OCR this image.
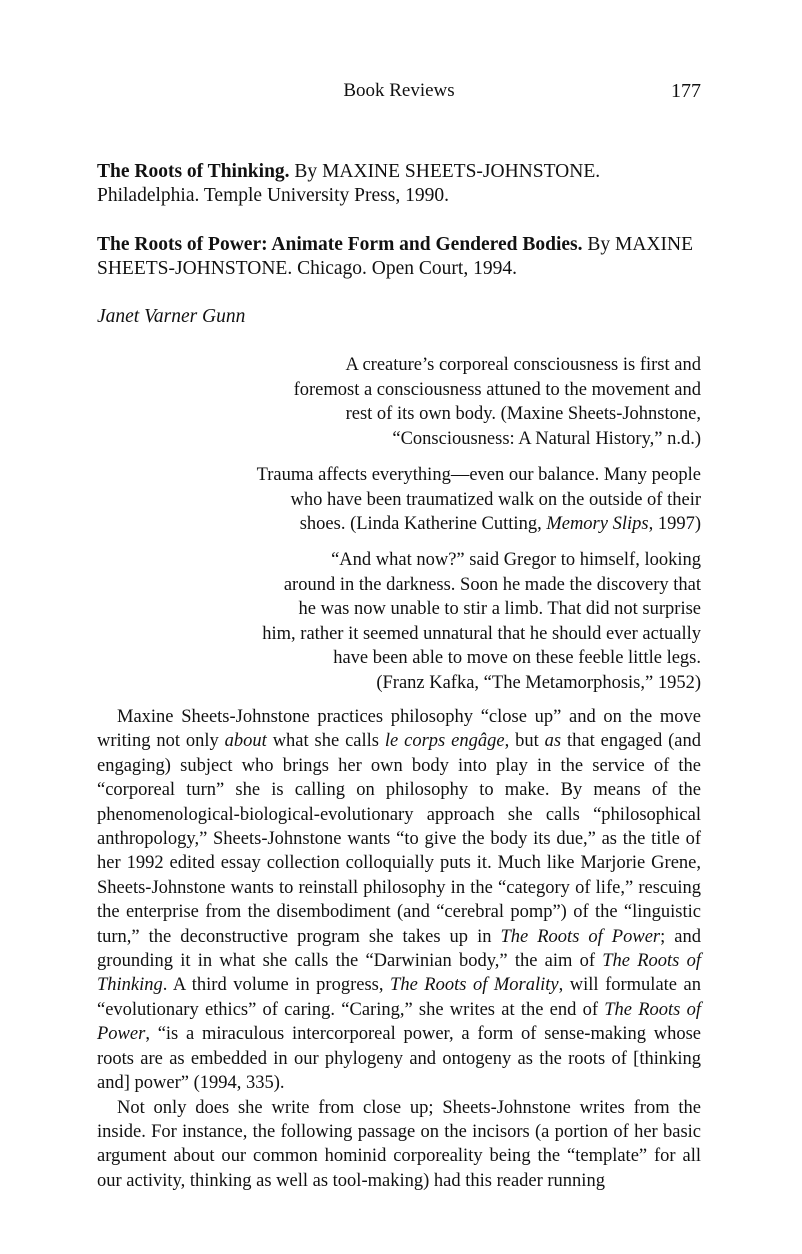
Book Reviews	177
The Roots of Thinking. By MAXINE SHEETS-JOHNSTONE. Philadelphia. Temple University Press, 1990.
The Roots of Power: Animate Form and Gendered Bodies. By MAXINE SHEETS-JOHNSTONE. Chicago. Open Court, 1994.
Janet Varner Gunn
A creature’s corporeal consciousness is first and
foremost a consciousness attuned to the movement and
rest of its own body. (Maxine Sheets-Johnstone,
“Consciousness: A Natural History,” n.d.)
Trauma affects everything—even our balance. Many people
who have been traumatized walk on the outside of their
shoes. (Linda Katherine Cutting, Memory Slips, 1997)
“And what now?” said Gregor to himself, looking
around in the darkness. Soon he made the discovery that
he was now unable to stir a limb. That did not surprise
him, rather it seemed unnatural that he should ever actually
have been able to move on these feeble little legs.
(Franz Kafka, “The Metamorphosis,” 1952)

Maxine Sheets-Johnstone practices philosophy “close up” and on the move writing not only about what she calls le corps engâge, but as that engaged (and engaging) subject who brings her own body into play in the service of the “corporeal turn” she is calling on philosophy to make. By means of the phenomenological-biological-evolutionary approach she calls “philosophical anthropology,” Sheets-Johnstone wants “to give the body its due,” as the title of her 1992 edited essay collection colloquially puts it. Much like Marjorie Grene, Sheets-Johnstone wants to reinstall philosophy in the “category of life,” rescuing the enterprise from the disembodiment (and “cerebral pomp”) of the “linguistic turn,” the deconstructive program she takes up in The Roots of Power; and grounding it in what she calls the “Darwinian body,” the aim of The Roots of Thinking. A third volume in progress, The Roots of Morality, will formulate an “evolutionary ethics” of caring. “Caring,” she writes at the end of The Roots of Power, “is a miraculous intercorporeal power, a form of sense-making whose roots are as embedded in our phylogeny and ontogeny as the roots of [thinking and] power” (1994, 335).

Not only does she write from close up; Sheets-Johnstone writes from the inside. For instance, the following passage on the incisors (a portion of her basic argument about our common hominid corporeality being the “template” for all our activity, thinking as well as tool-making) had this reader running
